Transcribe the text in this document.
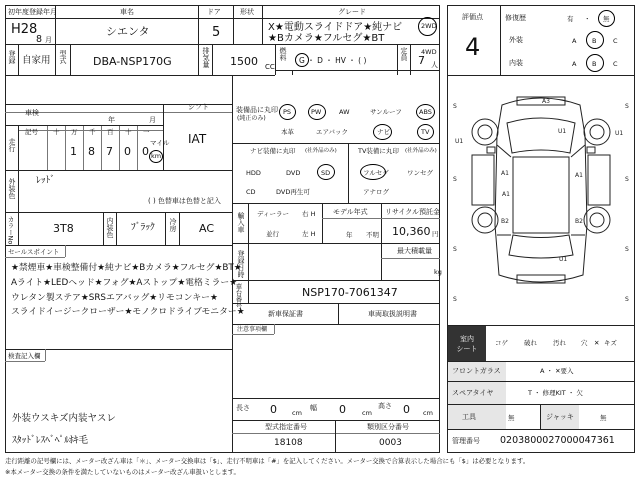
初年度登録年月	車名	ドア	形状	グレード
H28
8 月
シエンタ	5	X★電動スライドドア★純ナビ
★Bカメラ★フルセグ★BT
2WD
4WD
登録 自家用 型式 DBA-NSP170G	排気量 1500 CC
燃料 G ・ D ・ HV ・ ( )	定員 7 人
車検
年	月
シフト
走行
記号 十 万 千 百 十 一
1 8 7 0 0
マイル
km
IAT
外装色 ﾚｯﾄﾞ
( ) 色替車は色替と記入
カラーNo.	3T8	内装色 ﾌﾞﾗｯｸ 冷房 AC
セールスポイント
★禁煙車★車検整備付★純ナビ★Bカメラ★フルセグ★BT★
Aライト★LEDヘッド★フォグ★Aストップ★電格ミラー★
ウレタン製ステア★SRSエアバッグ★リモコンキー★
スライドイージークローザー★モノクロドライブモニター★
検査記入欄
外装ウスキズ内装ヤスレ
ｽﾀｯﾄﾞﾚｽﾍﾞﾍﾟﾙﾎｷ毛
装備品に丸印
(純正のみ)
PS	PW	AW	サンルーフ	ABS
本革	エアバック	ナビ	TV
ナビ装備に丸印 (社外品のみ)
HDD	DVD	SD
CD	DVD再生可
TV装備に丸印 (社外品のみ)
フルセグ	ワンセグ
アナログ
輸入車 ディーラー
並行
右 H
左 H
モデル年式
年 不明
リサイクル預託金
10,360 円
登録日時	最大積載量
kg
車台番号	NSP170-7061347
新車保証書	車両取扱説明書
注意事項欄
長さ 0 cm
幅 0 cm
高さ 0 cm
型式指定番号	類別区分番号
18108	0003
評価点
4
修復歴	有 ・ 無
外装	A B	C
内装	A B	C
S	S
S	S
S	S
S	S
A3
U1	U1
A1
A1
B2	B2
A1
U1
U1
室内
シート
コゲ 破れ 汚れ 穴	キズ
✕
フロントガラス	A ・ ✕要入
スペアタイヤ	T ・ 修理KIT ・ 欠
工具	無	ジャッキ	無
管理番号 0203800027000047361
走行距離の記号欄には、メーター改ざん車は「＊」、メーター交換車は「$」、走行不明車は「#」を記入してください。メーター交換で合算表示した場合にも「$」は必要となります。
※本メーター交換の条件を満たしていないものはメーター改ざん車扱いとします。
